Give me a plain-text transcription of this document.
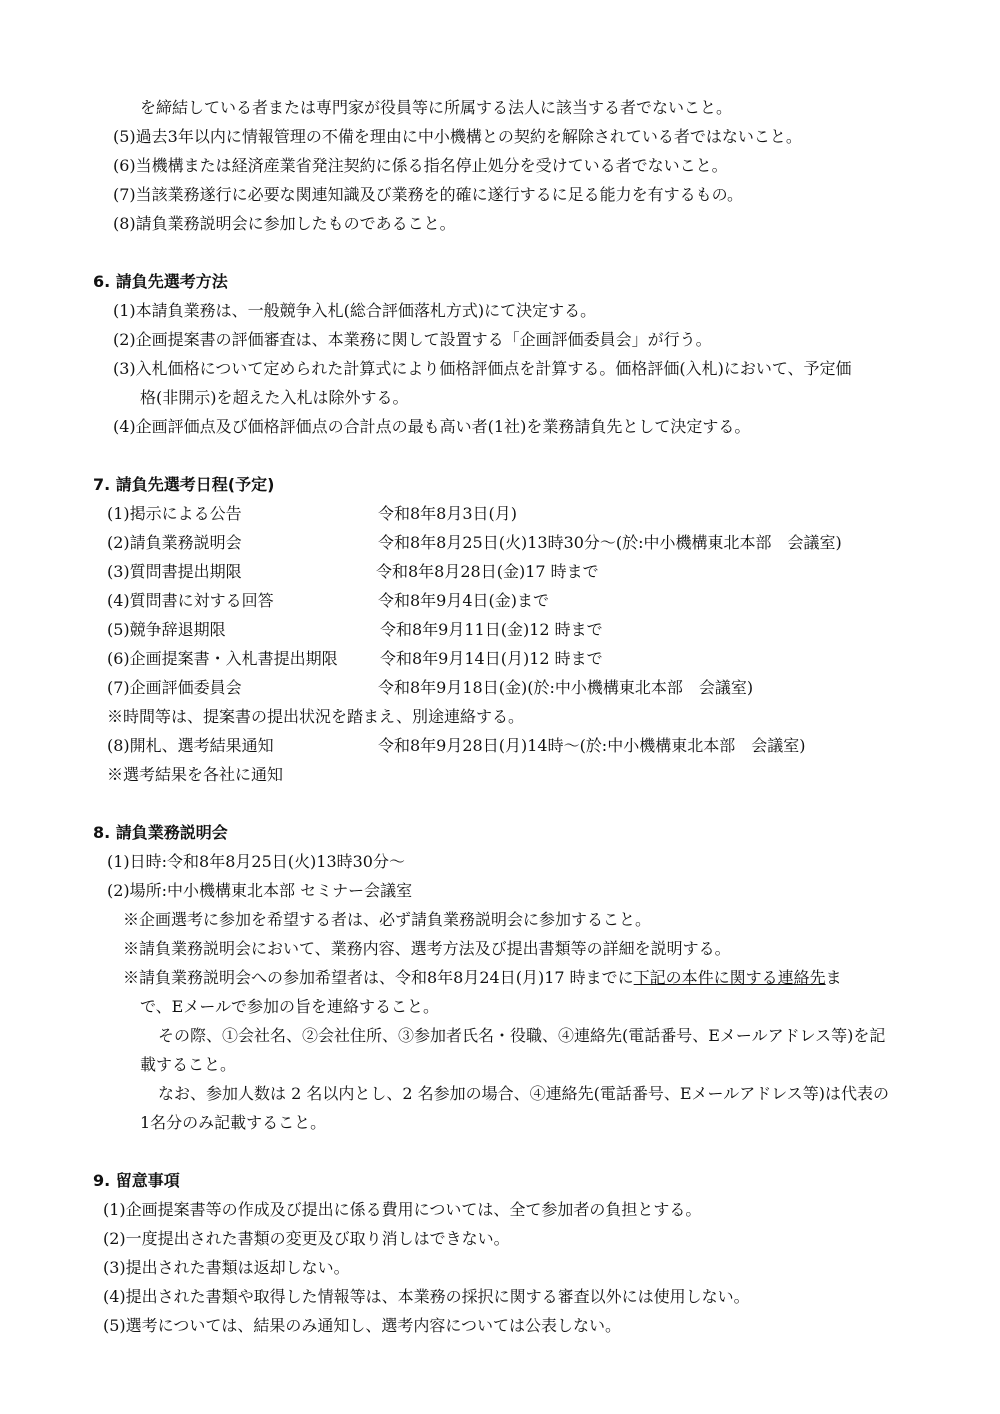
を締結している者または専門家が役員等に所属する法人に該当する者でないこと。
(5)過去3年以内に情報管理の不備を理由に中小機構との契約を解除されている者ではないこと。
(6)当機構または経済産業省発注契約に係る指名停止処分を受けている者でないこと。
(7)当該業務遂行に必要な関連知識及び業務を的確に遂行するに足る能力を有するもの。
(8)請負業務説明会に参加したものであること。
6. 請負先選考方法
(1)本請負業務は、一般競争入札(総合評価落札方式)にて決定する。
(2)企画提案書の評価審査は、本業務に関して設置する「企画評価委員会」が行う。
(3)入札価格について定められた計算式により価格評価点を計算する。価格評価(入札)において、予定価
格(非開示)を超えた入札は除外する。
(4)企画評価点及び価格評価点の合計点の最も高い者(1社)を業務請負先として決定する。
7. 請負先選考日程(予定)
(1)掲示による公告	令和8年8月3日(月)
(2)請負業務説明会	令和8年8月25日(火)13時30分～(於:中小機構東北本部　会議室)
(3)質問書提出期限	令和8年8月28日(金)17 時まで
(4)質問書に対する回答	令和8年9月4日(金)まで
(5)競争辞退期限	令和8年9月11日(金)12 時まで
(6)企画提案書・入札書提出期限	令和8年9月14日(月)12 時まで
(7)企画評価委員会	令和8年9月18日(金)(於:中小機構東北本部　会議室)
※時間等は、提案書の提出状況を踏まえ、別途連絡する。
(8)開札、選考結果通知	令和8年9月28日(月)14時～(於:中小機構東北本部　会議室)
※選考結果を各社に通知
8. 請負業務説明会
(1)日時:令和8年8月25日(火)13時30分～
(2)場所:中小機構東北本部 セミナー会議室
※企画選考に参加を希望する者は、必ず請負業務説明会に参加すること。
※請負業務説明会において、業務内容、選考方法及び提出書類等の詳細を説明する。
※請負業務説明会への参加希望者は、令和8年8月24日(月)17 時までに下記の本件に関する連絡先ま
で、Eメールで参加の旨を連絡すること。
その際、①会社名、②会社住所、③参加者氏名・役職、④連絡先(電話番号、Eメールアドレス等)を記
載すること。
なお、参加人数は 2 名以内とし、2 名参加の場合、④連絡先(電話番号、Eメールアドレス等)は代表の
1名分のみ記載すること。
9. 留意事項
(1)企画提案書等の作成及び提出に係る費用については、全て参加者の負担とする。
(2)一度提出された書類の変更及び取り消しはできない。
(3)提出された書類は返却しない。
(4)提出された書類や取得した情報等は、本業務の採択に関する審査以外には使用しない。
(5)選考については、結果のみ通知し、選考内容については公表しない。
